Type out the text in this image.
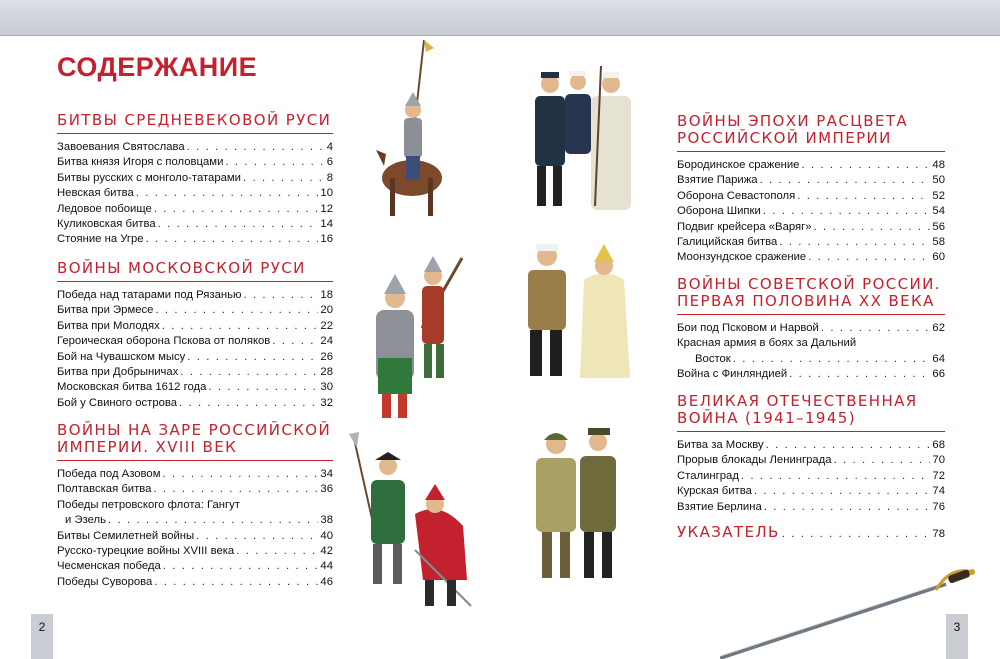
СОДЕРЖАНИЕ
БИТВЫ СРЕДНЕВЕКОВОЙ РУСИ
Завоевания Святослава . . .	4
Битва князя Игоря с половцами . . .	6
Битвы русских с монголо-татарами . . .	8
Невская битва . . .	10
Ледовое побоище . . .	12
Куликовская битва . . .	14
Стояние на Угре . . .	16
ВОЙНЫ МОСКОВСКОЙ РУСИ
Победа над татарами под Рязанью . . .	18
Битва при Эрмесе . . .	20
Битва при Молодях . . .	22
Героическая оборона Пскова от поляков . . .	24
Бой на Чувашском мысу . . .	26
Битва при Добрыничах . . .	28
Московская битва 1612 года . . .	30
Бой у Свиного острова . . .	32
ВОЙНЫ НА ЗАРЕ РОССИЙСКОЙ
ИМПЕРИИ. XVIII ВЕК
Победа под Азовом . . .	34
Полтавская битва . . .	36
Победы петровского флота: Гангут
и Эзель . . .	38
Битвы Семилетней войны . . .	40
Русско-турецкие войны XVIII века . . .	42
Чесменская победа . . .	44
Победы Суворова . . .	46
ВОЙНЫ ЭПОХИ РАСЦВЕТА
РОССИЙСКОЙ ИМПЕРИИ
Бородинское сражение . . .	48
Взятие Парижа . . .	50
Оборона Севастополя . . .	52
Оборона Шипки . . .	54
Подвиг крейсера «Варяг» . . .	56
Галицийская битва . . .	58
Моонзундское сражение . . .	60
ВОЙНЫ СОВЕТСКОЙ РОССИИ.
ПЕРВАЯ ПОЛОВИНА XX ВЕКА
Бои под Псковом и Нарвой . . .	62
Красная армия в боях за Дальний
Восток . . .	64
Война с Финляндией . . .	66
ВЕЛИКАЯ ОТЕЧЕСТВЕННАЯ
ВОЙНА (1941–1945)
Битва за Москву . . .	68
Прорыв блокады Ленинграда . . .	70
Сталинград . . .	72
Курская битва . . .	74
Взятие Берлина . . .	76
УКАЗАТЕЛЬ . . .	78
2	3
